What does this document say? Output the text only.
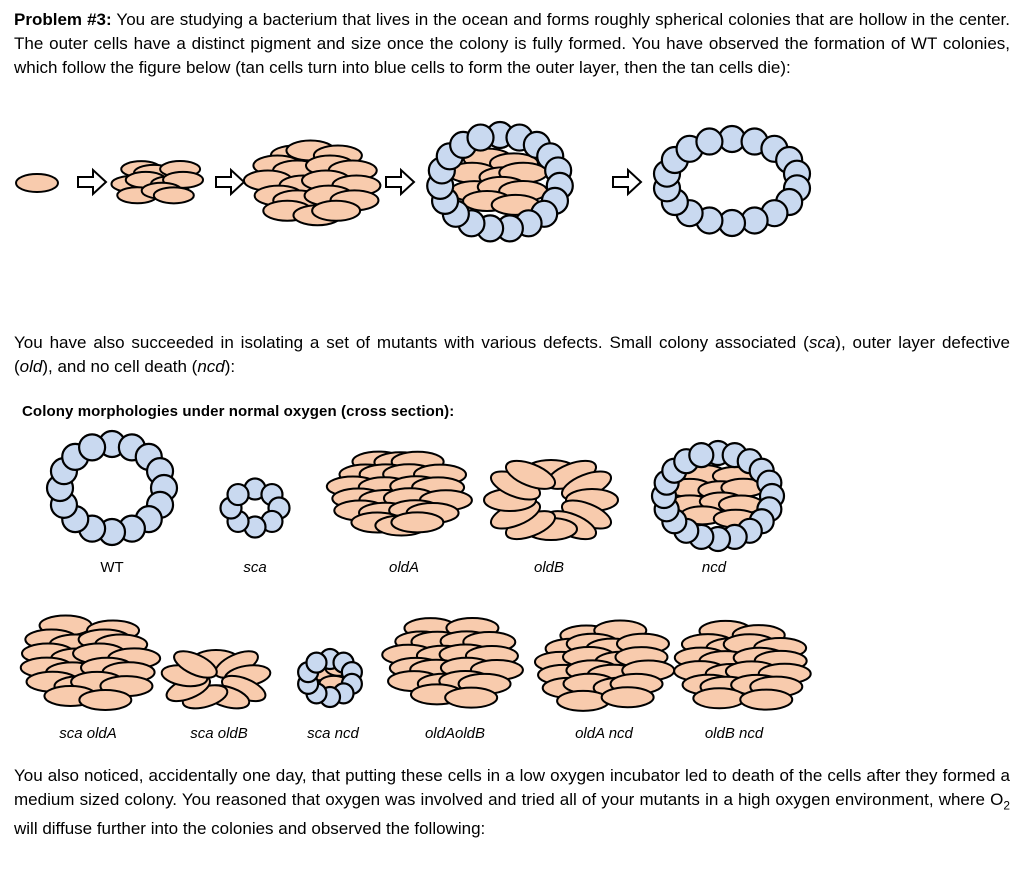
Problem #3: You are studying a bacterium that lives in the ocean and forms roughly spherical colonies that are hollow in the center. The outer cells have a distinct pigment and size once the colony is fully formed. You have observed the formation of WT colonies, which follow the figure below (tan cells turn into blue cells to form the outer layer, then the tan cells die):

You have also succeeded in isolating a set of mutants with various defects. Small colony associated (sca), outer layer defective (old), and no cell death (ncd):

Colony morphologies under normal oxygen (cross section):
WT	sca	oldA	oldB	ncd
sca oldA	sca oldB	sca ncd	oldAoldB	oldA ncd	oldB ncd

You also noticed, accidentally one day, that putting these cells in a low oxygen incubator led to death of the cells after they formed a medium sized colony. You reasoned that oxygen was involved and tried all of your mutants in a high oxygen environment, where $O_2$ will diffuse further into the colonies and observed the following:
